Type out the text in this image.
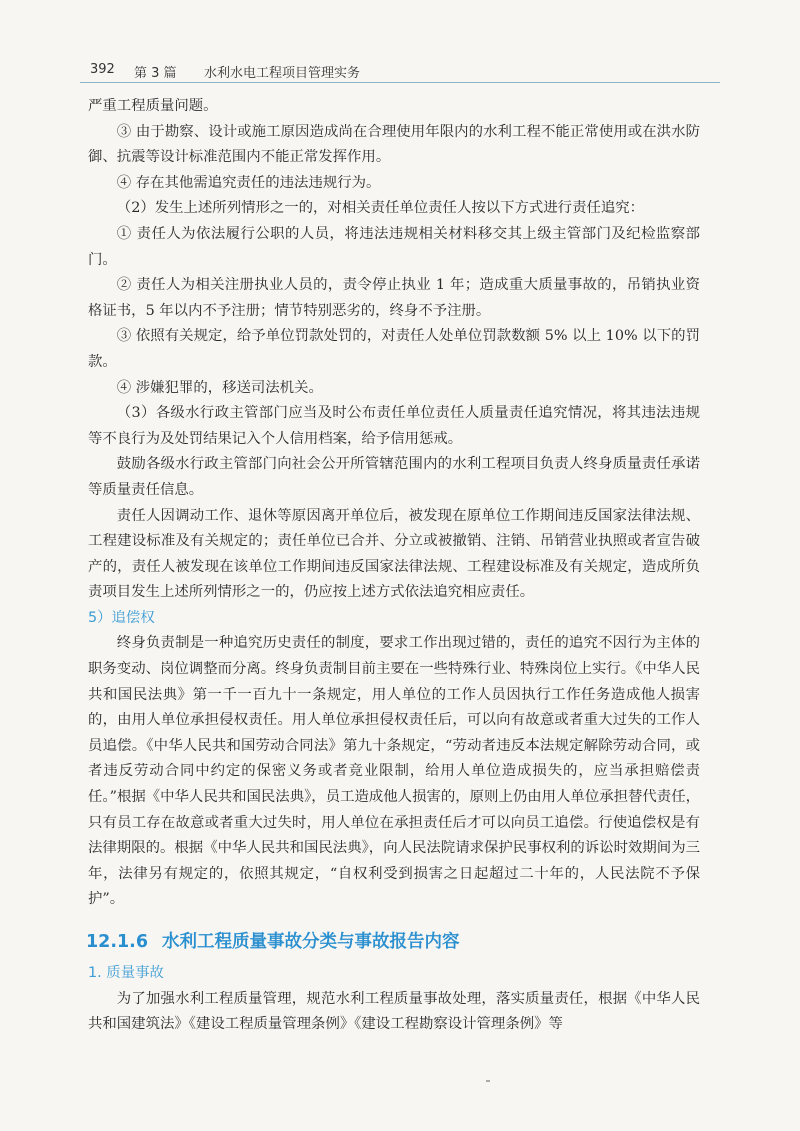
392 第 3 篇 水利水电工程项目管理实务

严重工程质量问题。

③ 由于勘察、设计或施工原因造成尚在合理使用年限内的水利工程不能正常使用或在洪水防御、抗震等设计标准范围内不能正常发挥作用。

④ 存在其他需追究责任的违法违规行为。

（2）发生上述所列情形之一的，对相关责任单位责任人按以下方式进行责任追究：

① 责任人为依法履行公职的人员，将违法违规相关材料移交其上级主管部门及纪检监察部门。

② 责任人为相关注册执业人员的，责令停止执业 1 年；造成重大质量事故的，吊销执业资格证书，5 年以内不予注册；情节特别恶劣的，终身不予注册。

③ 依照有关规定，给予单位罚款处罚的，对责任人处单位罚款数额 5% 以上 10% 以下的罚款。

④ 涉嫌犯罪的，移送司法机关。

（3）各级水行政主管部门应当及时公布责任单位责任人质量责任追究情况，将其违法违规等不良行为及处罚结果记入个人信用档案，给予信用惩戒。

鼓励各级水行政主管部门向社会公开所管辖范围内的水利工程项目负责人终身质量责任承诺等质量责任信息。

责任人因调动工作、退休等原因离开单位后，被发现在原单位工作期间违反国家法律法规、工程建设标准及有关规定的；责任单位已合并、分立或被撤销、注销、吊销营业执照或者宣告破产的，责任人被发现在该单位工作期间违反国家法律法规、工程建设标准及有关规定，造成所负责项目发生上述所列情形之一的，仍应按上述方式依法追究相应责任。

5）追偿权

终身负责制是一种追究历史责任的制度，要求工作出现过错的，责任的追究不因行为主体的职务变动、岗位调整而分离。终身负责制目前主要在一些特殊行业、特殊岗位上实行。《中华人民共和国民法典》第一千一百九十一条规定，用人单位的工作人员因执行工作任务造成他人损害的，由用人单位承担侵权责任。用人单位承担侵权责任后，可以向有故意或者重大过失的工作人员追偿。《中华人民共和国劳动合同法》第九十条规定，“劳动者违反本法规定解除劳动合同，或者违反劳动合同中约定的保密义务或者竞业限制，给用人单位造成损失的，应当承担赔偿责任。”根据《中华人民共和国民法典》，员工造成他人损害的，原则上仍由用人单位承担替代责任，只有员工存在故意或者重大过失时，用人单位在承担责任后才可以向员工追偿。行使追偿权是有法律期限的。根据《中华人民共和国民法典》，向人民法院请求保护民事权利的诉讼时效期间为三年，法律另有规定的，依照其规定，“自权利受到损害之日起超过二十年的，人民法院不予保护”。

12.1.6 水利工程质量事故分类与事故报告内容

1. 质量事故

为了加强水利工程质量管理，规范水利工程质量事故处理，落实质量责任，根据《中华人民共和国建筑法》《建设工程质量管理条例》《建设工程勘察设计管理条例》等
